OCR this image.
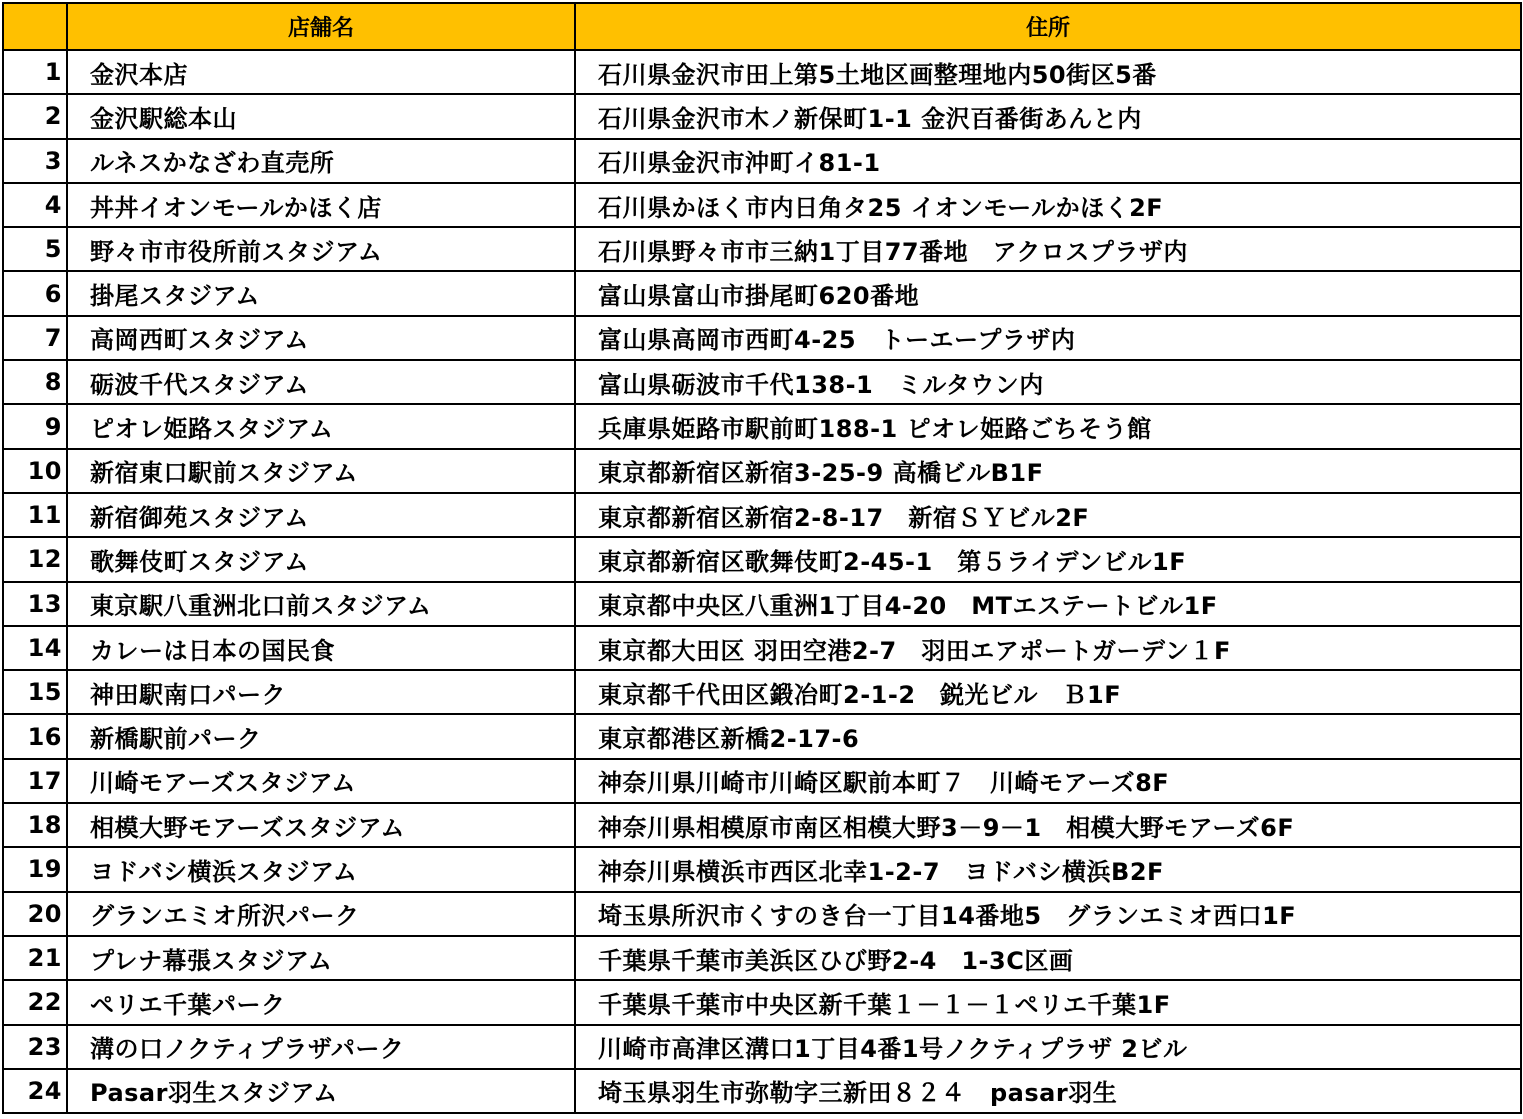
	店舗名	住所
1	金沢本店	石川県金沢市田上第5土地区画整理地内50街区5番
2	金沢駅総本山	石川県金沢市木ノ新保町1-1 金沢百番街あんと内
3	ルネスかなざわ直売所	石川県金沢市沖町イ81-1
4	丼丼イオンモールかほく店	石川県かほく市内日角タ25 イオンモールかほく2F
5	野々市市役所前スタジアム	石川県野々市市三納1丁目77番地　アクロスプラザ内
6	掛尾スタジアム	富山県富山市掛尾町620番地
7	高岡西町スタジアム	富山県高岡市西町4-25　トーエープラザ内
8	砺波千代スタジアム	富山県砺波市千代138-1　ミルタウン内
9	ピオレ姫路スタジアム	兵庫県姫路市駅前町188-1 ピオレ姫路ごちそう館
10	新宿東口駅前スタジアム	東京都新宿区新宿3-25-9 高橋ビルB1F
11	新宿御苑スタジアム	東京都新宿区新宿2-8-17　新宿ＳＹビル2F
12	歌舞伎町スタジアム	東京都新宿区歌舞伎町2-45-1　第５ライデンビル1F
13	東京駅八重洲北口前スタジアム	東京都中央区八重洲1丁目4-20　MTエステートビル1F
14	カレーは日本の国民食	東京都大田区 羽田空港2-7　羽田エアポートガーデン１F
15	神田駅南口パーク	東京都千代田区鍛冶町2-1-2　鋭光ビル　Ｂ1F
16	新橋駅前パーク	東京都港区新橋2-17-6
17	川崎モアーズスタジアム	神奈川県川崎市川崎区駅前本町７　川崎モアーズ8F
18	相模大野モアーズスタジアム	神奈川県相模原市南区相模大野3－9－1　相模大野モアーズ6F
19	ヨドバシ横浜スタジアム	神奈川県横浜市西区北幸1-2-7　ヨドバシ横浜B2F
20	グランエミオ所沢パーク	埼玉県所沢市くすのき台一丁目14番地5　グランエミオ西口1F
21	プレナ幕張スタジアム	千葉県千葉市美浜区ひび野2-4　1-3C区画
22	ペリエ千葉パーク	千葉県千葉市中央区新千葉１－１－１ペリエ千葉1F
23	溝の口ノクティプラザパーク	川崎市高津区溝口1丁目4番1号ノクティプラザ 2ビル
24	Pasar羽生スタジアム	埼玉県羽生市弥勒字三新田８２４　pasar羽生
